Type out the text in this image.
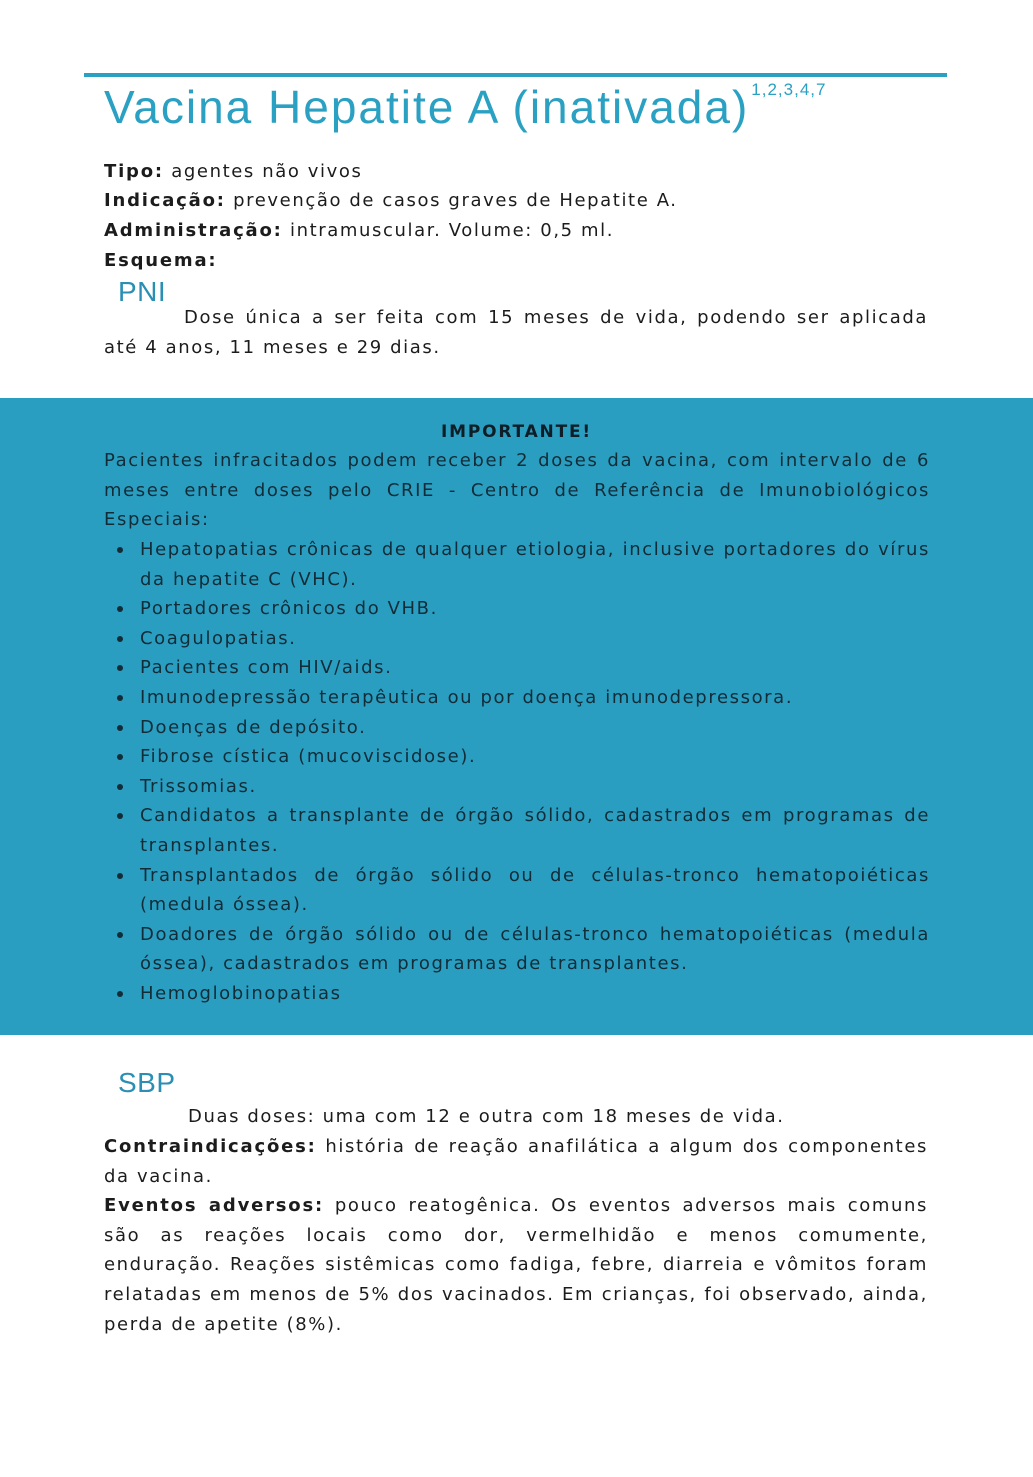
Vacina Hepatite A (inativada) $^{1,2,3,4,7}$
Tipo: agentes não vivos
Indicação: prevenção de casos graves de Hepatite A.
Administração: intramuscular. Volume: 0,5 ml.
Esquema:
PNI

Dose única a ser feita com 15 meses de vida, podendo ser aplicada até 4 anos, 11 meses e 29 dias.

IMPORTANTE!

Pacientes infracitados podem receber 2 doses da vacina, com intervalo de 6 meses entre doses pelo CRIE - Centro de Referência de Imunobiológicos Especiais:

Hepatopatias crônicas de qualquer etiologia, inclusive portadores do vírus da hepatite C (VHC).
Portadores crônicos do VHB.
Coagulopatias.
Pacientes com HIV/aids.
Imunodepressão terapêutica ou por doença imunodepressora.
Doenças de depósito.
Fibrose cística (mucoviscidose).
Trissomias.
Candidatos a transplante de órgão sólido, cadastrados em programas de transplantes.
Transplantados de órgão sólido ou de células-tronco hematopoiéticas (medula óssea).
Doadores de órgão sólido ou de células-tronco hematopoiéticas (medula óssea), cadastrados em programas de transplantes.
Hemoglobinopatias
SBP

Duas doses: uma com 12 e outra com 18 meses de vida.

Contraindicações: história de reação anafilática a algum dos componentes da vacina.

Eventos adversos: pouco reatogênica. Os eventos adversos mais comuns são as reações locais como dor, vermelhidão e menos comumente, enduração. Reações sistêmicas como fadiga, febre, diarreia e vômitos foram relatadas em menos de 5% dos vacinados. Em crianças, foi observado, ainda, perda de apetite (8%).
